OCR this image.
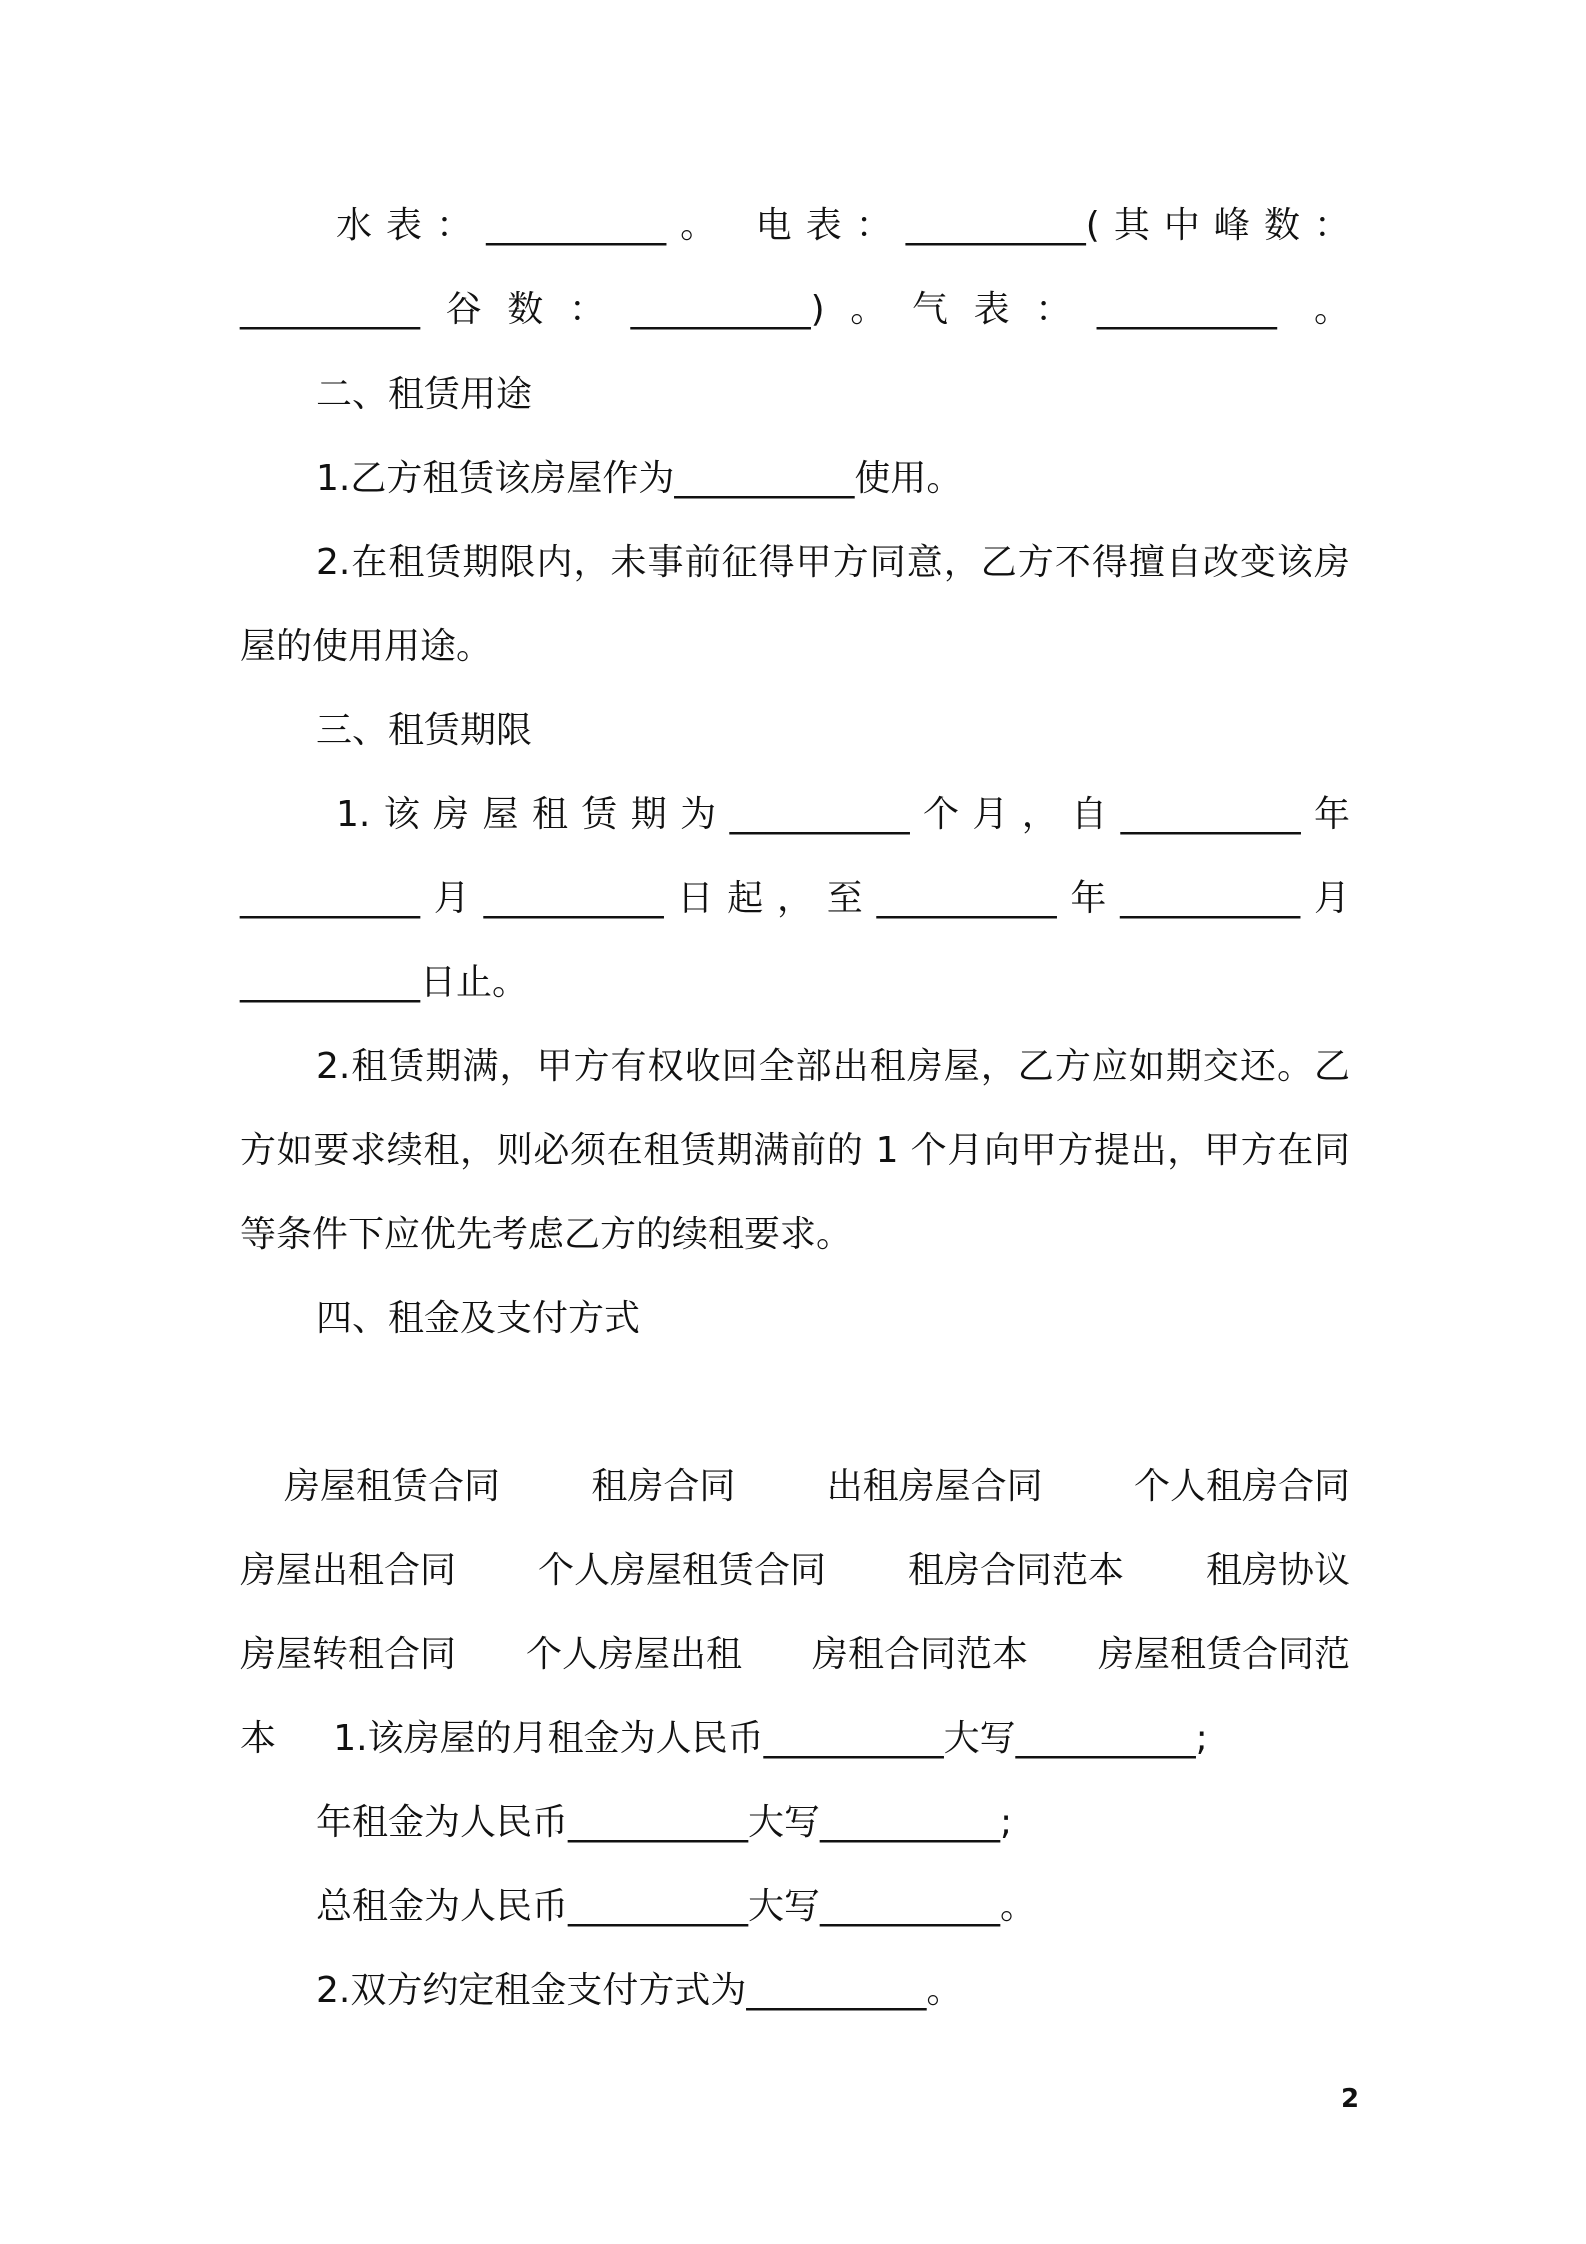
水表：__________。 电表：__________(其中峰数：
__________谷数：__________)。气表：__________ 。
二、租赁用途
1.乙方租赁该房屋作为__________使用。
2.在租赁期限内，未事前征得甲方同意，乙方不得擅自改变该房
屋的使用用途。
三、租赁期限
1.该房屋租赁期为__________个月，自__________年
__________月__________日起，至__________年__________月
__________日止。
2.租赁期满，甲方有权收回全部出租房屋，乙方应如期交还。乙
方如要求续租，则必须在租赁期满前的 1 个月向甲方提出，甲方在同
等条件下应优先考虑乙方的续租要求。
四、租金及支付方式
房屋租赁合同	租房合同	出租房屋合同	个人租房合同
房屋出租合同 个人房屋租赁合同 租房合同范本 租房协议
房屋转租合同 个人房屋出租 房租合同范本 房屋租赁合同范
本     1.该房屋的月租金为人民币__________大写__________;
年租金为人民币__________大写__________;
总租金为人民币__________大写__________。
2.双方约定租金支付方式为__________。
2
